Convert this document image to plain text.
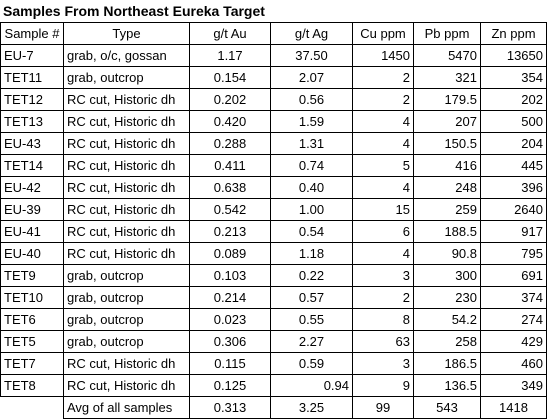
Samples From Northeast Eureka Target
Sample #	Type	g/t Au	g/t Ag	Cu ppm	Pb ppm	Zn ppm
EU-7	grab, o/c, gossan	1.17	37.50	1450	5470	13650
TET11	grab, outcrop	0.154	2.07	2	321	354
TET12	RC cut, Historic dh	0.202	0.56	2	179.5	202
TET13	RC cut, Historic dh	0.420	1.59	4	207	500
EU-43	RC cut, Historic dh	0.288	1.31	4	150.5	204
TET14	RC cut, Historic dh	0.411	0.74	5	416	445
EU-42	RC cut, Historic dh	0.638	0.40	4	248	396
EU-39	RC cut, Historic dh	0.542	1.00	15	259	2640
EU-41	RC cut, Historic dh	0.213	0.54	6	188.5	917
EU-40	RC cut, Historic dh	0.089	1.18	4	90.8	795
TET9	grab, outcrop	0.103	0.22	3	300	691
TET10	grab, outcrop	0.214	0.57	2	230	374
TET6	grab, outcrop	0.023	0.55	8	54.2	274
TET5	grab, outcrop	0.306	2.27	63	258	429
TET7	RC cut, Historic dh	0.115	0.59	3	186.5	460
TET8	RC cut, Historic dh	0.125	0.94	9	136.5	349
	Avg of all samples	0.313	3.25	99	543	1418
